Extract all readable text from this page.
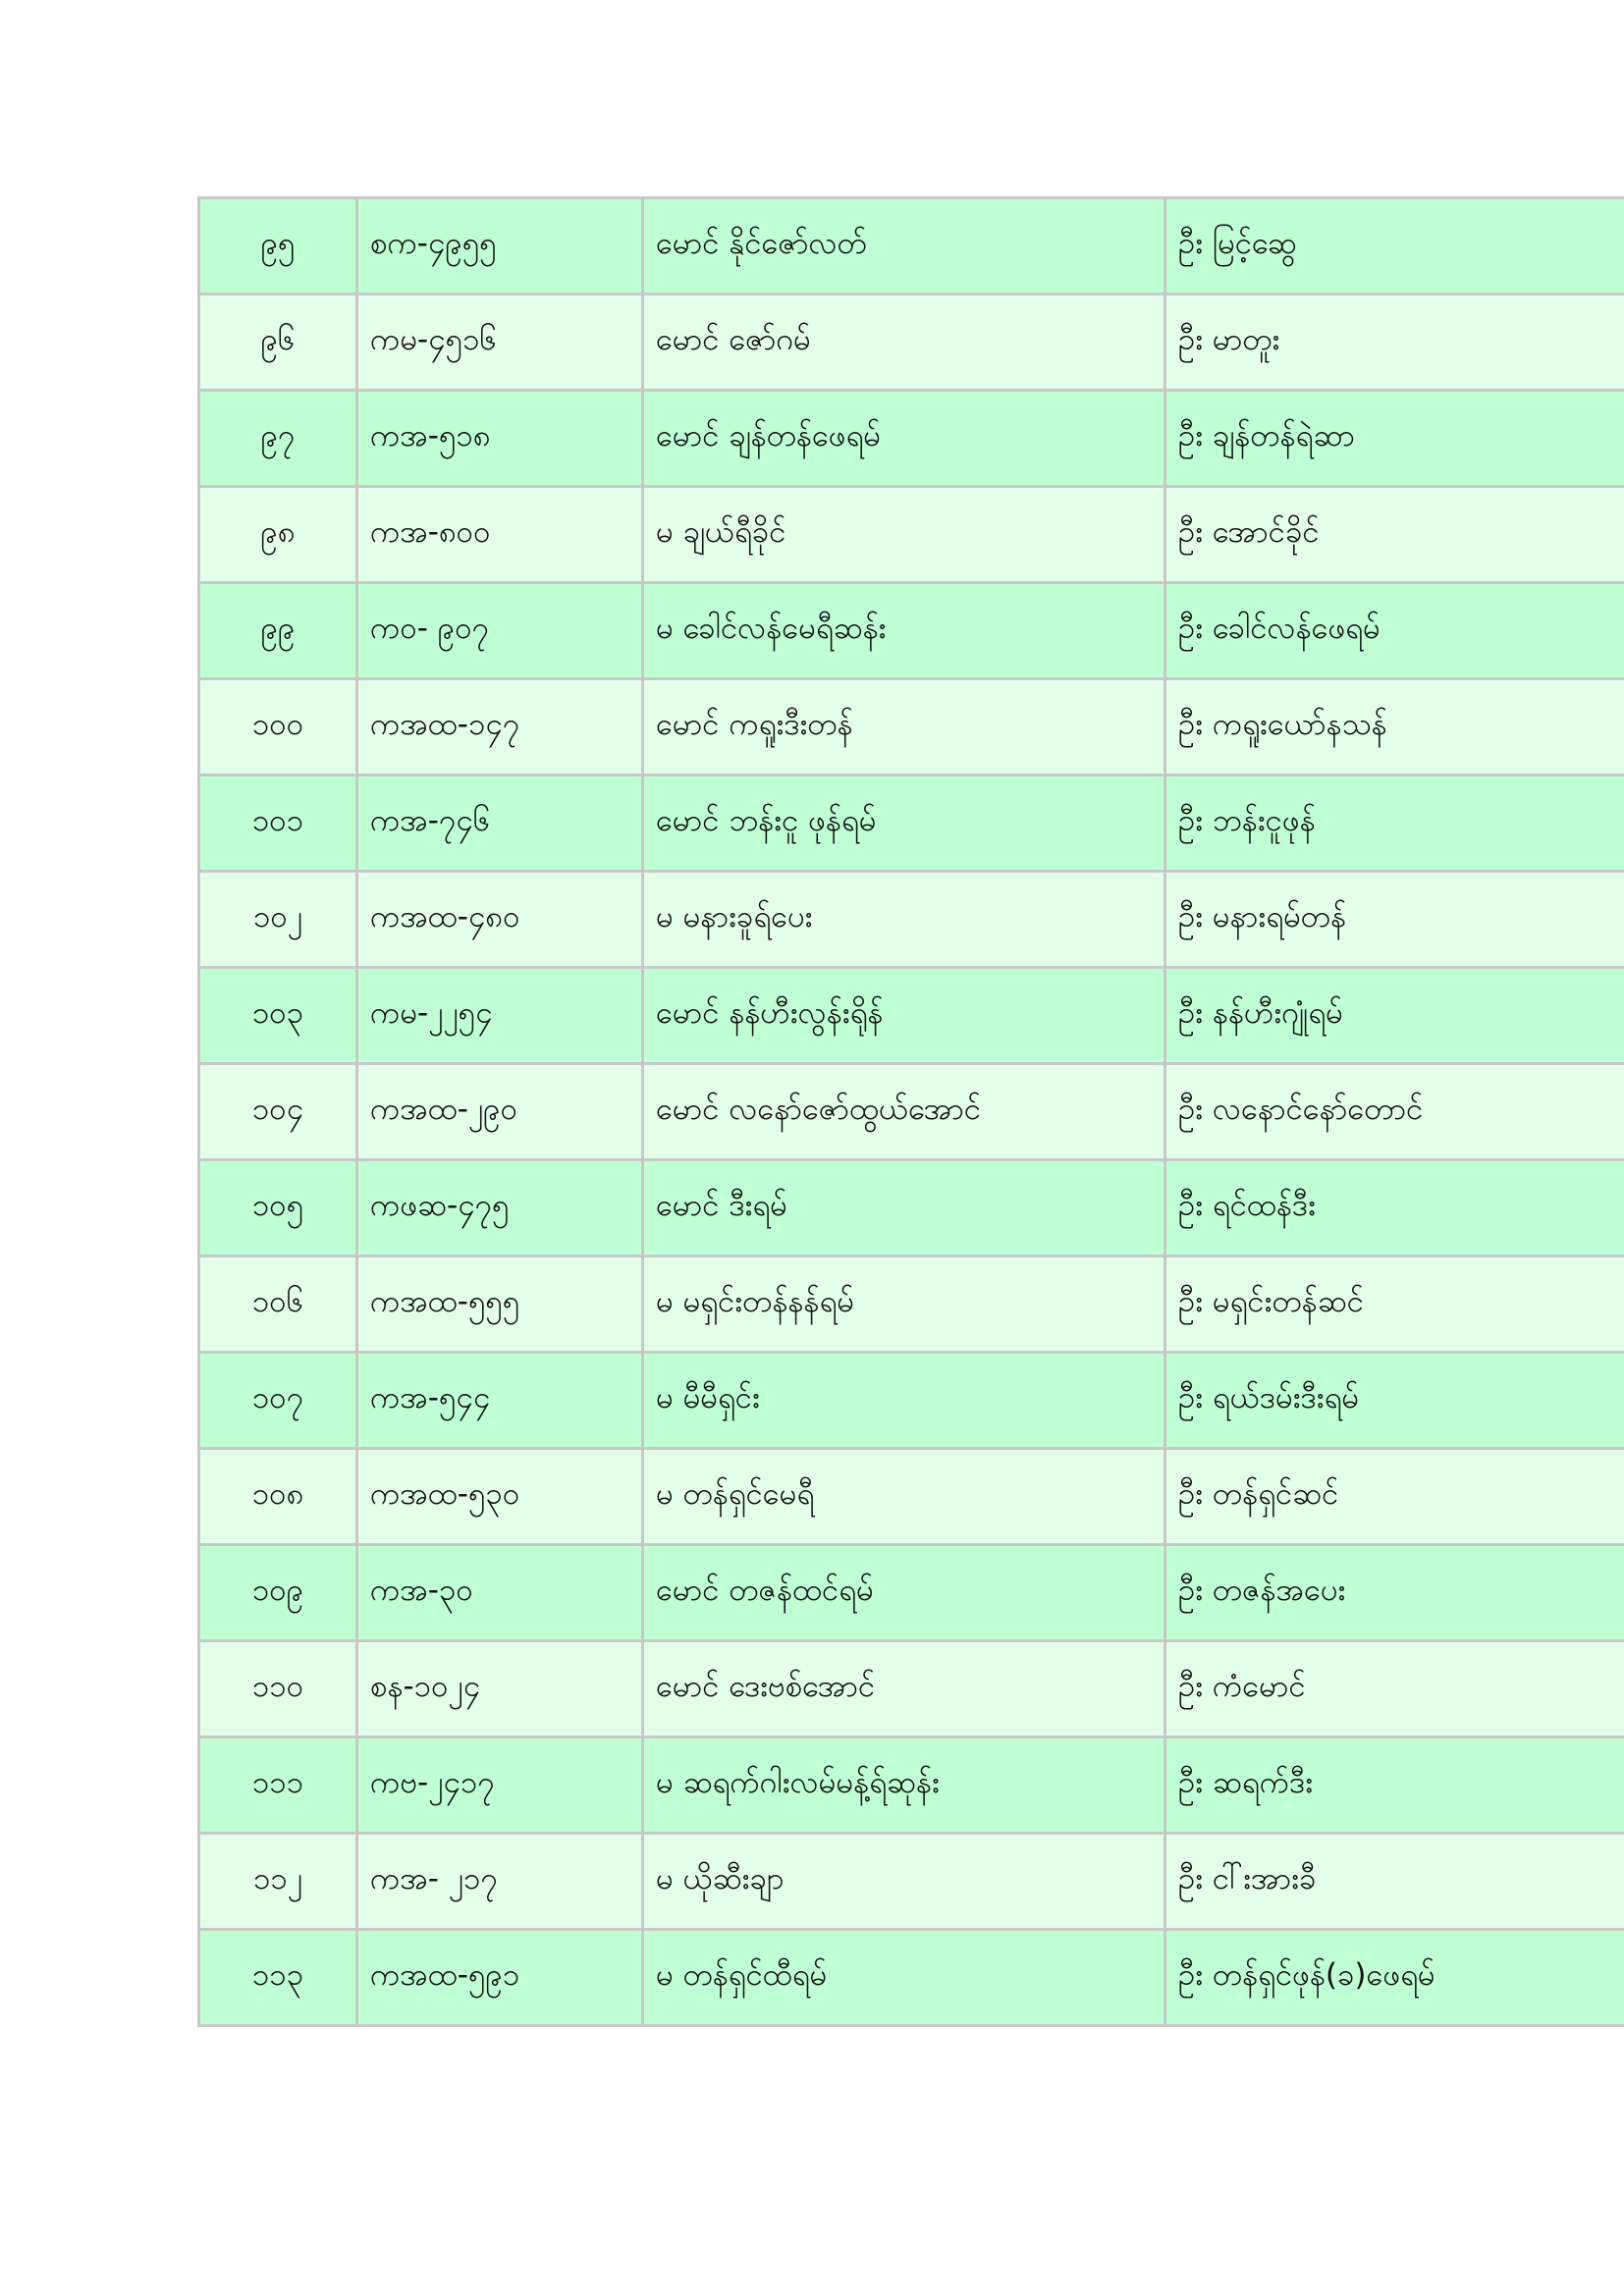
၉၅	စက-၄၉၅၅	မောင် နိုင်ဇော်လတ်	ဦး မြင့်ဆွေ
၉၆	ကမ-၄၅၁၆	မောင် ဇော်ဂမ်	ဦး မာတူး
၉၇	ကအ-၅၁၈	မောင် ချန်တန်ဖေရမ်	ဦး ချန်တန်ရဲဆာ
၉၈	ကအ-၈၀၀	မ ချယ်ရီခိုင်	ဦး အောင်ခိုင်
၉၉	ကဝ- ၉၀၇	မ ခေါင်လန်မေရီဆန်း	ဦး ခေါင်လန်ဖေရမ်
၁၀၀	ကအထ-၁၄၇	မောင် ကရူးဒီးတန်	ဦး ကရူးယော်နသန်
၁၀၁	ကအ-၇၄၆	မောင် ဘန်းငူ ဖုန်ရမ်	ဦး ဘန်းငူဖုန်
၁၀၂	ကအထ-၄၈၀	မ မနားခူရ်ပေး	ဦး မနားရမ်တန်
၁၀၃	ကမ-၂၂၅၄	မောင် နန်ဟီးလွန်းရိုန်	ဦး နန်ဟီးဂျုံရမ်
၁၀၄	ကအထ-၂၉၀	မောင် လနော်ဇော်ထွယ်အောင်	ဦး လနောင်နော်တောင်
၁၀၅	ကဖဆ-၄၇၅	မောင် ဒီးရမ်	ဦး ရင်ထန်ဒီး
၁၀၆	ကအထ-၅၅၅	မ မရှင်းတန်နန်ရမ်	ဦး မရှင်းတန်ဆင်
၁၀၇	ကအ-၅၄၄	မ မီမီရှင်း	ဦး ရယ်ဒမ်းဒီးရမ်
၁၀၈	ကအထ-၅၃၀	မ တန်ရှင်မေရီ	ဦး တန်ရှင်ဆင်
၁၀၉	ကအ-၃၀	မောင် တဇန်ထင်ရမ်	ဦး တဇန်အပေး
၁၁၀	စန-၁၀၂၄	မောင် ဒေးဗစ်အောင်	ဦး ကံမောင်
၁၁၁	ကဗ-၂၄၁၇	မ ဆရက်ဂါးလမ်မန့်ရ်ဆုန်း	ဦး ဆရက်ဒီး
၁၁၂	ကအ- ၂၁၇	မ ယိုဆီးချာ	ဦး ငါ်းအားခီ
၁၁၃	ကအထ-၅၉၁	မ တန်ရှင်ထီရမ်	ဦး တန်ရှင်ဖုန်(ခ)ဖေရမ်
